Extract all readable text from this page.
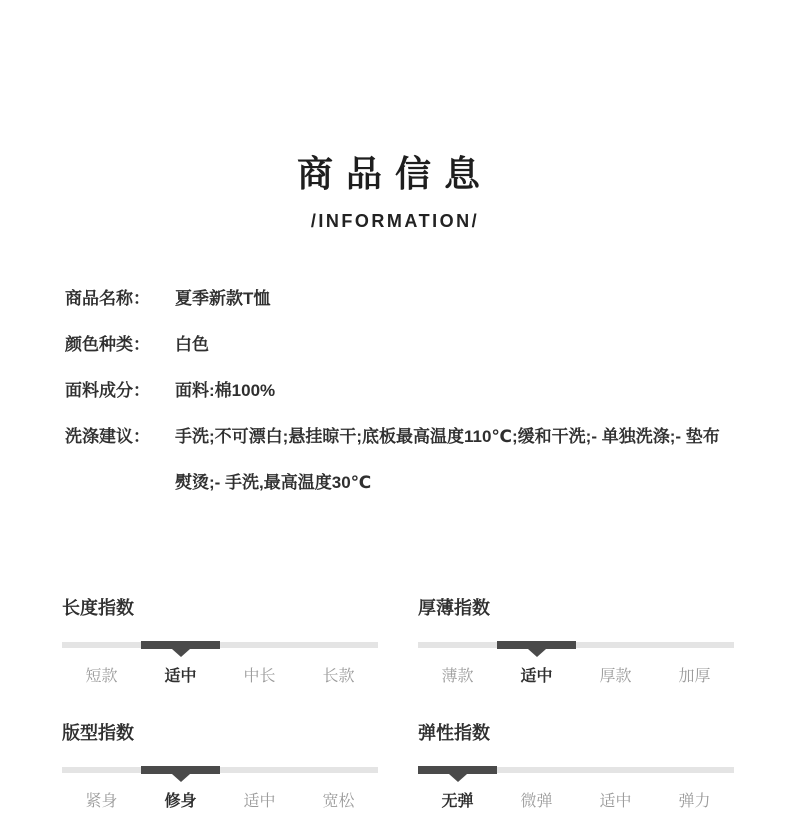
商品信息
/INFORMATION/
商品名称：	夏季新款T恤
颜色种类：	白色
面料成分：	面料:棉100%
洗涤建议：	手洗;不可漂白;悬挂晾干;底板最高温度110℃;缓和干洗;- 单独洗涤;- 垫布熨烫;- 手洗,最高温度30℃
长度指数
短款	适中	中长	长款
厚薄指数
薄款	适中	厚款	加厚
版型指数
紧身	修身	适中	宽松
弹性指数
无弹	微弹	适中	弹力
